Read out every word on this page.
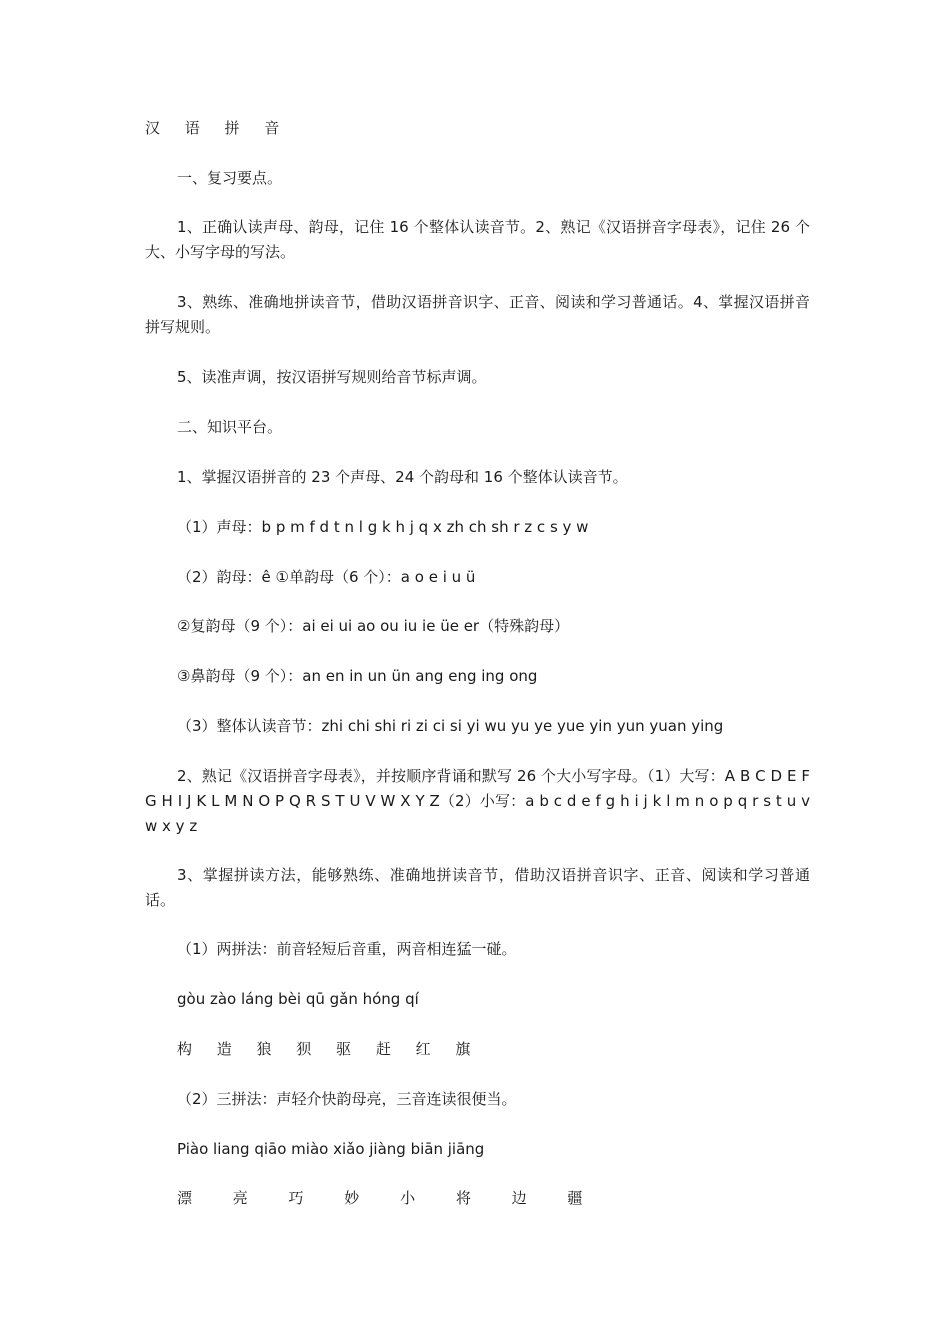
汉 语 拼 音
一、复习要点。
1、正确认读声母、韵母，记住 16 个整体认读音节。2、熟记《汉语拼音字母表》，记住 26 个大、小写字母的写法。
3、熟练、准确地拼读音节，借助汉语拼音识字、正音、阅读和学习普通话。4、掌握汉语拼音拼写规则。
5、读准声调，按汉语拼写规则给音节标声调。
二、知识平台。
1、掌握汉语拼音的 23 个声母、24 个韵母和 16 个整体认读音节。
（1）声母：b p m f d t n l g k h j q x zh ch sh r z c s y w
（2）韵母：ê ①单韵母（6 个）：a o e i u ü
②复韵母（9 个）：ai ei ui ao ou iu ie üe er（特殊韵母）
③鼻韵母（9 个）：an en in un ün ang eng ing ong
（3）整体认读音节：zhi chi shi ri zi ci si yi wu yu ye yue yin yun yuan ying
2、熟记《汉语拼音字母表》，并按顺序背诵和默写 26 个大小写字母。（1）大写：A B C D E F G H I J K L M N O P Q R S T U V W X Y Z（2）小写：a b c d e f g h i j k l m n o p q r s t u v w x y z
3、掌握拼读方法，能够熟练、准确地拼读音节，借助汉语拼音识字、正音、阅读和学习普通话。
（1）两拼法：前音轻短后音重，两音相连猛一碰。
gòu zào láng bèi qū gǎn hóng qí
构 造 狼 狈 驱 赶 红 旗
（2）三拼法：声轻介快韵母亮，三音连读很便当。
Piào liang qiāo miào xiǎo jiàng biān jiāng
漂 亮 巧 妙 小 将 边 疆
